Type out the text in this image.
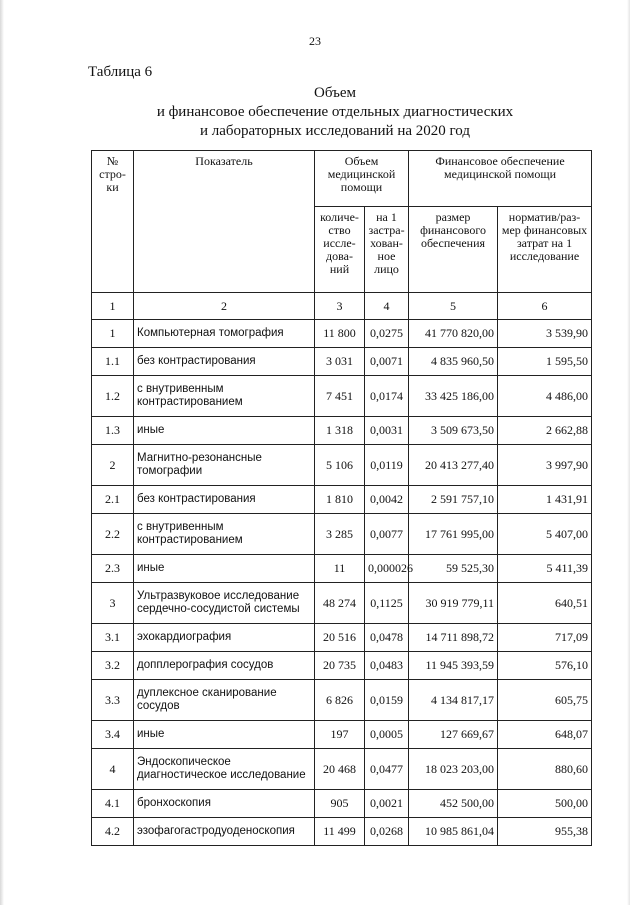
23
Таблица 6
Объем
и финансовое обеспечение отдельных диагностических
и лабораторных исследований на 2020 год
№ стро-ки	Показатель	Объем медицинской помощи		Финансовое обеспечение медицинской помощи	
		количе-ство иссле-дова-ний	на 1 застра-хован-ное лицо	размер финансового обеспечения	норматив/раз-мер финансовых затрат на 1 исследование
1	2	3	4	5	6
1	Компьютерная томография	11 800	0,0275	41 770 820,00	3 539,90
1.1	без контрастирования	3 031	0,0071	4 835 960,50	1 595,50
1.2	с внутривенным контрастированием	7 451	0,0174	33 425 186,00	4 486,00
1.3	иные	1 318	0,0031	3 509 673,50	2 662,88
2	Магнитно-резонансные томографии	5 106	0,0119	20 413 277,40	3 997,90
2.1	без контрастирования	1 810	0,0042	2 591 757,10	1 431,91
2.2	с внутривенным контрастированием	3 285	0,0077	17 761 995,00	5 407,00
2.3	иные	11	0,000026	59 525,30	5 411,39
3	Ультразвуковое исследование сердечно-сосудистой системы	48 274	0,1125	30 919 779,11	640,51
3.1	эхокардиография	20 516	0,0478	14 711 898,72	717,09
3.2	допплерография сосудов	20 735	0,0483	11 945 393,59	576,10
3.3	дуплексное сканирование сосудов	6 826	0,0159	4 134 817,17	605,75
3.4	иные	197	0,0005	127 669,67	648,07
4	Эндоскопическое диагностическое исследование	20 468	0,0477	18 023 203,00	880,60
4.1	бронхоскопия	905	0,0021	452 500,00	500,00
4.2	эзофагогастродуоденоскопия	11 499	0,0268	10 985 861,04	955,38
